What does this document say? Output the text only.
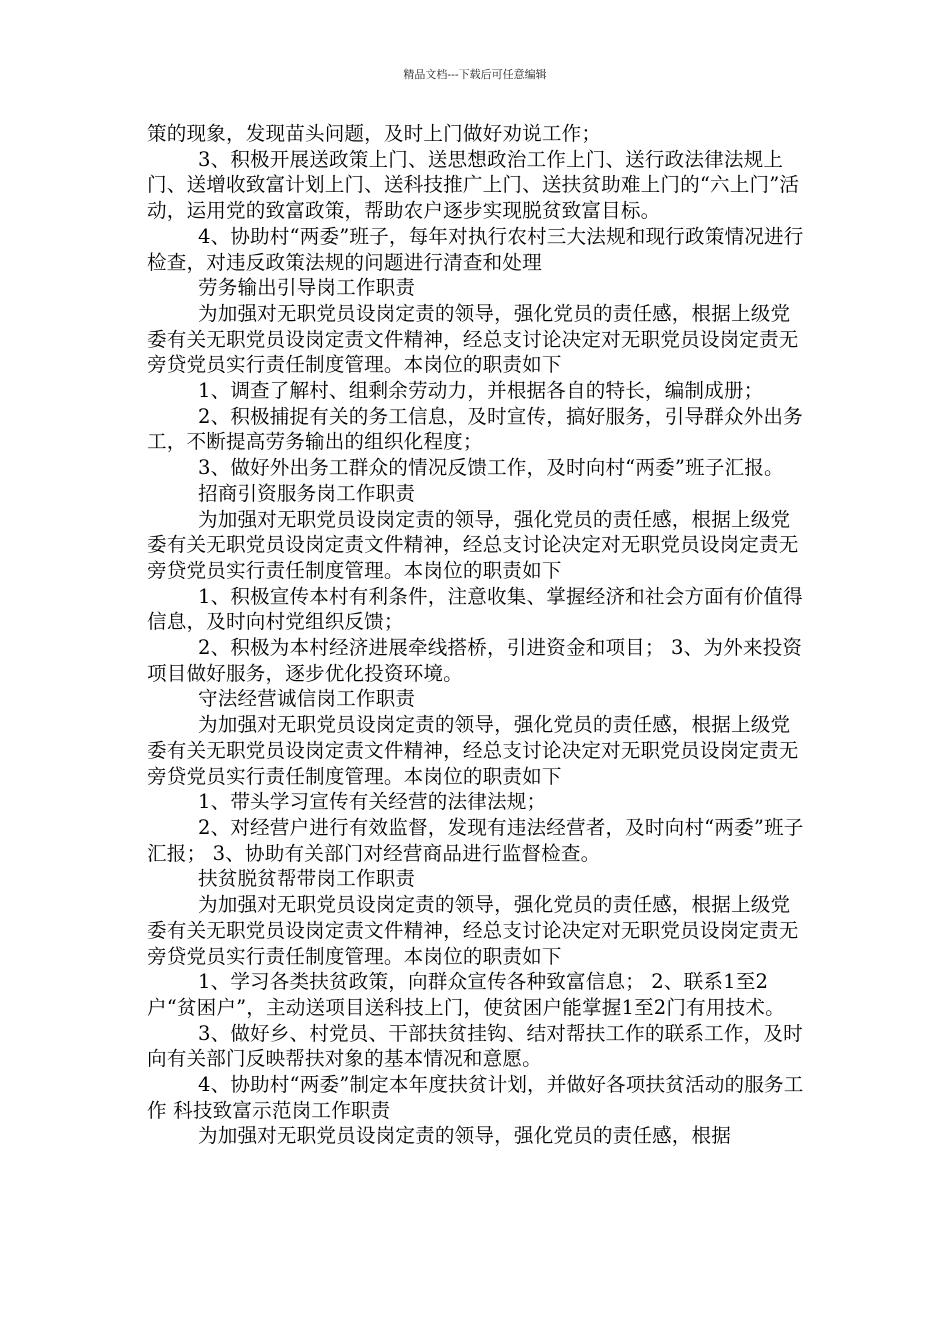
精品文档---下载后可任意编辑

策的现象，发现苗头问题，及时上门做好劝说工作；

3、积极开展送政策上门、送思想政治工作上门、送行政法律法规上门、送增收致富计划上门、送科技推广上门、送扶贫助难上门的“六上门”活动，运用党的致富政策，帮助农户逐步实现脱贫致富目标。

4、协助村“两委”班子，每年对执行农村三大法规和现行政策情况进行检查，对违反政策法规的问题进行清查和处理

劳务输出引导岗工作职责

为加强对无职党员设岗定责的领导，强化党员的责任感，根据上级党委有关无职党员设岗定责文件精神，经总支讨论决定对无职党员设岗定责无旁贷党员实行责任制度管理。本岗位的职责如下

1、调查了解村、组剩余劳动力，并根据各自的特长，编制成册；

2、积极捕捉有关的务工信息，及时宣传，搞好服务，引导群众外出务工，不断提高劳务输出的组织化程度；

3、做好外出务工群众的情况反馈工作，及时向村“两委”班子汇报。

招商引资服务岗工作职责

为加强对无职党员设岗定责的领导，强化党员的责任感，根据上级党委有关无职党员设岗定责文件精神，经总支讨论决定对无职党员设岗定责无旁贷党员实行责任制度管理。本岗位的职责如下

1、积极宣传本村有利条件，注意收集、掌握经济和社会方面有价值得信息，及时向村党组织反馈；

2、积极为本村经济进展牵线搭桥，引进资金和项目； 3、为外来投资项目做好服务，逐步优化投资环境。

守法经营诚信岗工作职责

为加强对无职党员设岗定责的领导，强化党员的责任感，根据上级党委有关无职党员设岗定责文件精神，经总支讨论决定对无职党员设岗定责无旁贷党员实行责任制度管理。本岗位的职责如下

1、带头学习宣传有关经营的法律法规；

2、对经营户进行有效监督，发现有违法经营者，及时向村“两委”班子汇报； 3、协助有关部门对经营商品进行监督检查。

扶贫脱贫帮带岗工作职责

为加强对无职党员设岗定责的领导，强化党员的责任感，根据上级党委有关无职党员设岗定责文件精神，经总支讨论决定对无职党员设岗定责无旁贷党员实行责任制度管理。本岗位的职责如下

1、学习各类扶贫政策，向群众宣传各种致富信息； 2、联系1至2户“贫困户”，主动送项目送科技上门，使贫困户能掌握1至2门有用技术。

3、做好乡、村党员、干部扶贫挂钩、结对帮扶工作的联系工作，及时向有关部门反映帮扶对象的基本情况和意愿。

4、协助村“两委”制定本年度扶贫计划，并做好各项扶贫活动的服务工作 科技致富示范岗工作职责

为加强对无职党员设岗定责的领导，强化党员的责任感，根据
